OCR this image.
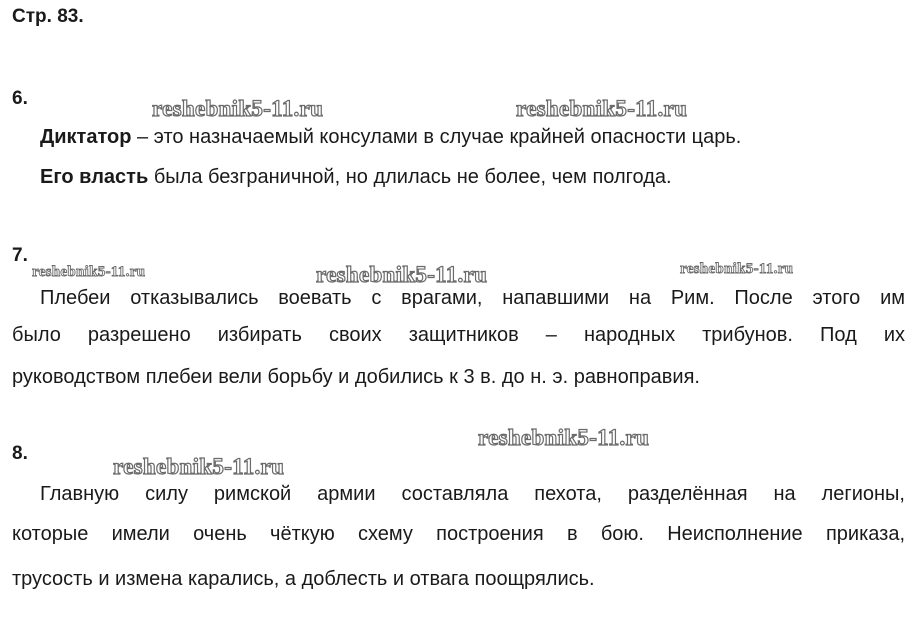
Стр. 83.
6.	reshebnik5-11.ru	reshebnik5-11.ru
Диктатор – это назначаемый консулами в случае крайней опасности царь.
Его власть была безграничной, но длилась не более, чем полгода.
7.
reshebnik5-11.ru	reshebnik5-11.ru	reshebnik5-11.ru
Плебеи отказывались воевать с врагами, напавшими на Рим. После этого им
было разрешено избирать своих защитников – народных трибунов. Под их
руководством плебеи вели борьбу и добились к 3 в. до н. э. равноправия.
reshebnik5-11.ru
8.
reshebnik5-11.ru
Главную силу римской армии составляла пехота, разделённая на легионы,
которые имели очень чёткую схему построения в бою. Неисполнение приказа,
трусость и измена карались, а доблесть и отвага поощрялись.
